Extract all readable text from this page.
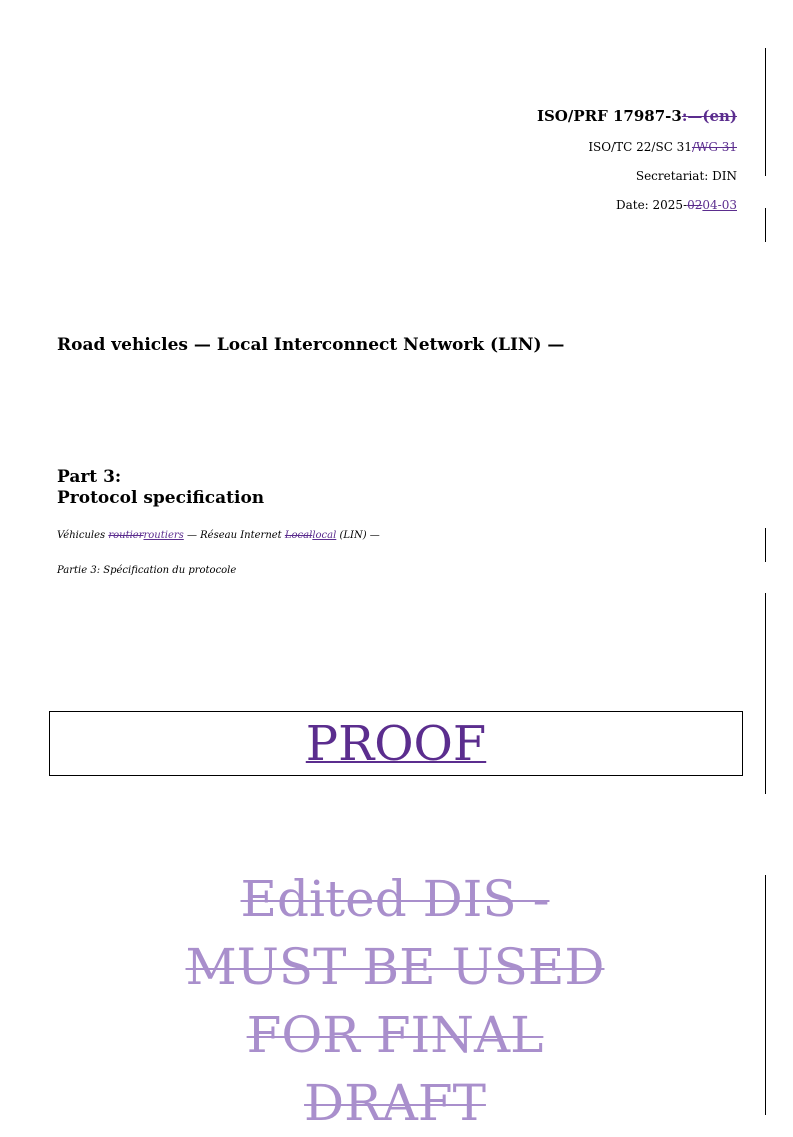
ISO/PRF 17987-3:—(en)
ISO/TC 22/SC 31/WG 31
Secretariat: DIN
Date: 2025-0204-03
Road vehicles — Local Interconnect Network (LIN) —
Part 3:
Protocol specification
Véhicules routierroutiers — Réseau Internet Locallocal (LIN) —
Partie 3: Spécification du protocole
PROOF
Edited DIS -
MUST BE USED
FOR FINAL
DRAFT
